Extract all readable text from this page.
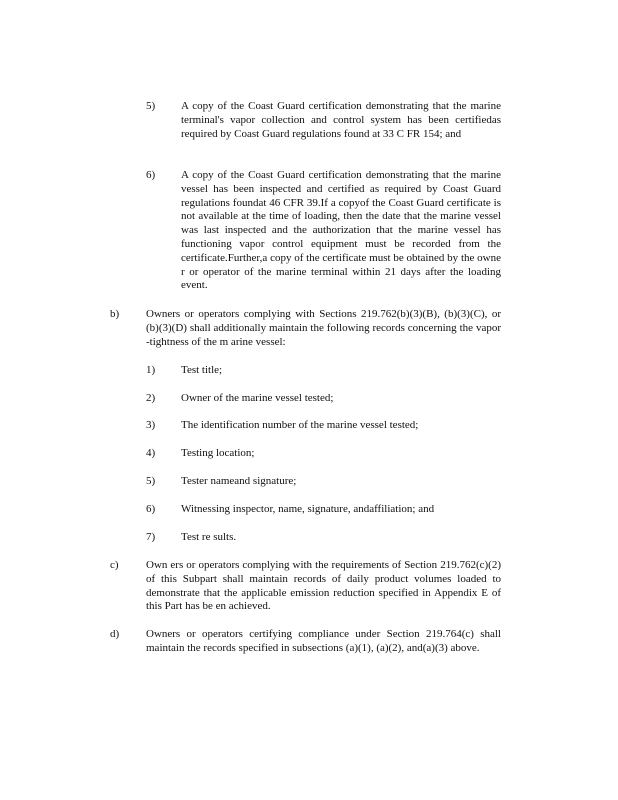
5) A copy of the Coast Guard certification demonstrating that the marine terminal's vapor collection and control system has been certifiedas required by Coast Guard regulations found at 33 C FR 154; and
6) A copy of the Coast Guard certification demonstrating that the marine vessel has been inspected and certified as required by Coast Guard regulations foundat 46 CFR 39.If a copyof the Coast Guard certificate is not available at the time of loading, then the date that the marine vessel was last inspected and the authorization that the marine vessel has functioning vapor control equipment must be recorded from the certificate.Further,a copy of the certificate must be obtained by the owne r or operator of the marine terminal within 21 days after the loading event.
b) Owners or operators complying with Sections 219.762(b)(3)(B), (b)(3)(C), or (b)(3)(D) shall additionally maintain the following records concerning the vapor -tightness of the m arine vessel:
1) Test title;
2) Owner of the marine vessel tested;
3) The identification number of the marine vessel tested;
4) Testing location;
5) Tester nameand signature;
6) Witnessing inspector, name, signature, andaffiliation; and
7) Test re sults.
c) Own ers or operators complying with the requirements of Section 219.762(c)(2) of this Subpart shall maintain records of daily product volumes loaded to demonstrate that the applicable emission reduction specified in Appendix E of this Part has be en achieved.
d) Owners or operators certifying compliance under Section 219.764(c) shall maintain the records specified in subsections (a)(1), (a)(2), and(a)(3) above.
